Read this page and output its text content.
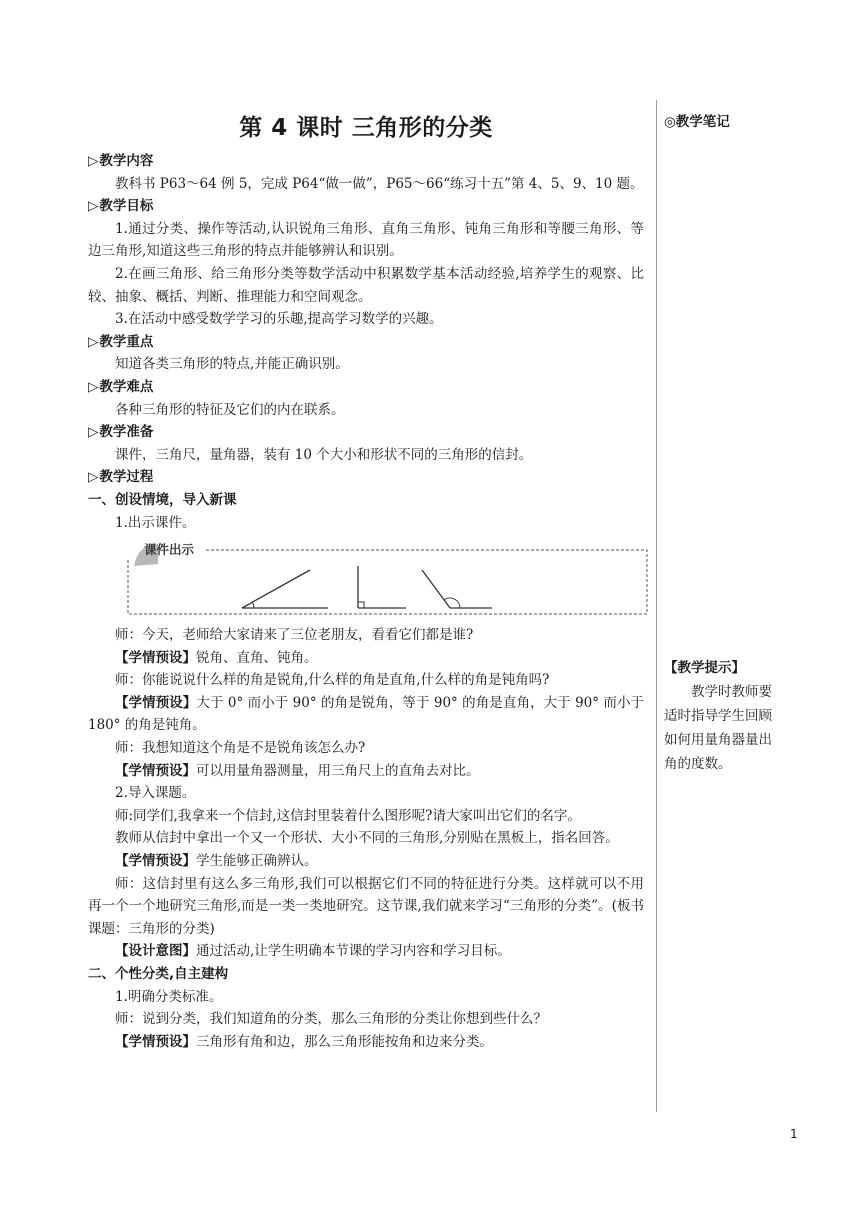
第 4 课时 三角形的分类
▷教学内容
教科书 P63～64 例 5，完成 P64“做一做”，P65～66“练习十五”第 4、5、9、10 题。
▷教学目标
1.通过分类、操作等活动,认识锐角三角形、直角三角形、钝角三角形和等腰三角形、等边三角形,知道这些三角形的特点并能够辨认和识别。
2.在画三角形、给三角形分类等数学活动中积累数学基本活动经验,培养学生的观察、比较、抽象、概括、判断、推理能力和空间观念。
3.在活动中感受数学学习的乐趣,提高学习数学的兴趣。
▷教学重点
知道各类三角形的特点,并能正确识别。
▷教学难点
各种三角形的特征及它们的内在联系。
▷教学准备
课件，三角尺，量角器，装有 10 个大小和形状不同的三角形的信封。
▷教学过程
一、创设情境，导入新课
1.出示课件。
课件出示
师：今天，老师给大家请来了三位老朋友，看看它们都是谁?
【学情预设】锐角、直角、钝角。
师：你能说说什么样的角是锐角,什么样的角是直角,什么样的角是钝角吗?
【学情预设】大于 0° 而小于 90° 的角是锐角，等于 90° 的角是直角，大于 90° 而小于 180° 的角是钝角。
师：我想知道这个角是不是锐角该怎么办?
【学情预设】可以用量角器测量，用三角尺上的直角去对比。
2.导入课题。
师:同学们,我拿来一个信封,这信封里装着什么图形呢?请大家叫出它们的名字。
教师从信封中拿出一个又一个形状、大小不同的三角形,分别贴在黑板上，指名回答。
【学情预设】学生能够正确辨认。
师：这信封里有这么多三角形,我们可以根据它们不同的特征进行分类。这样就可以不用再一个一个地研究三角形,而是一类一类地研究。这节课,我们就来学习“三角形的分类”。(板书课题：三角形的分类)
【设计意图】通过活动,让学生明确本节课的学习内容和学习目标。
二、个性分类,自主建构
1.明确分类标准。
师：说到分类，我们知道角的分类，那么三角形的分类让你想到些什么？
【学情预设】三角形有角和边，那么三角形能按角和边来分类。
◎教学笔记
【教学提示】
教学时教师要适时指导学生回顾如何用量角器量出角的度数。
1
